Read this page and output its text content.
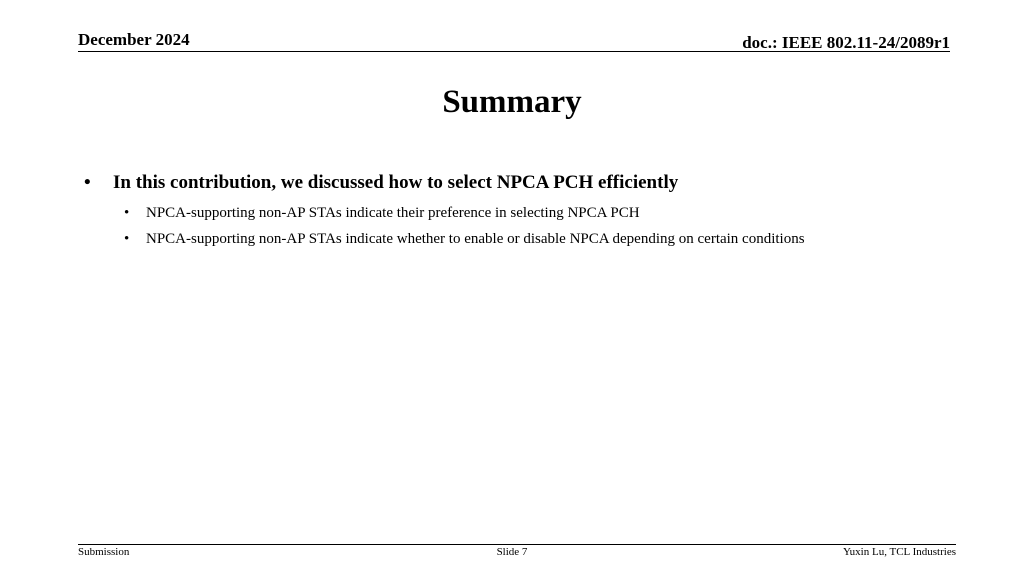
December 2024	doc.: IEEE 802.11-24/2089r1
Summary
• In this contribution, we discussed how to select NPCA PCH efficiently
• NPCA-supporting non-AP STAs indicate their preference in selecting NPCA PCH
• NPCA-supporting non-AP STAs indicate whether to enable or disable NPCA depending on certain conditions
Submission	Slide 7	Yuxin Lu, TCL Industries
